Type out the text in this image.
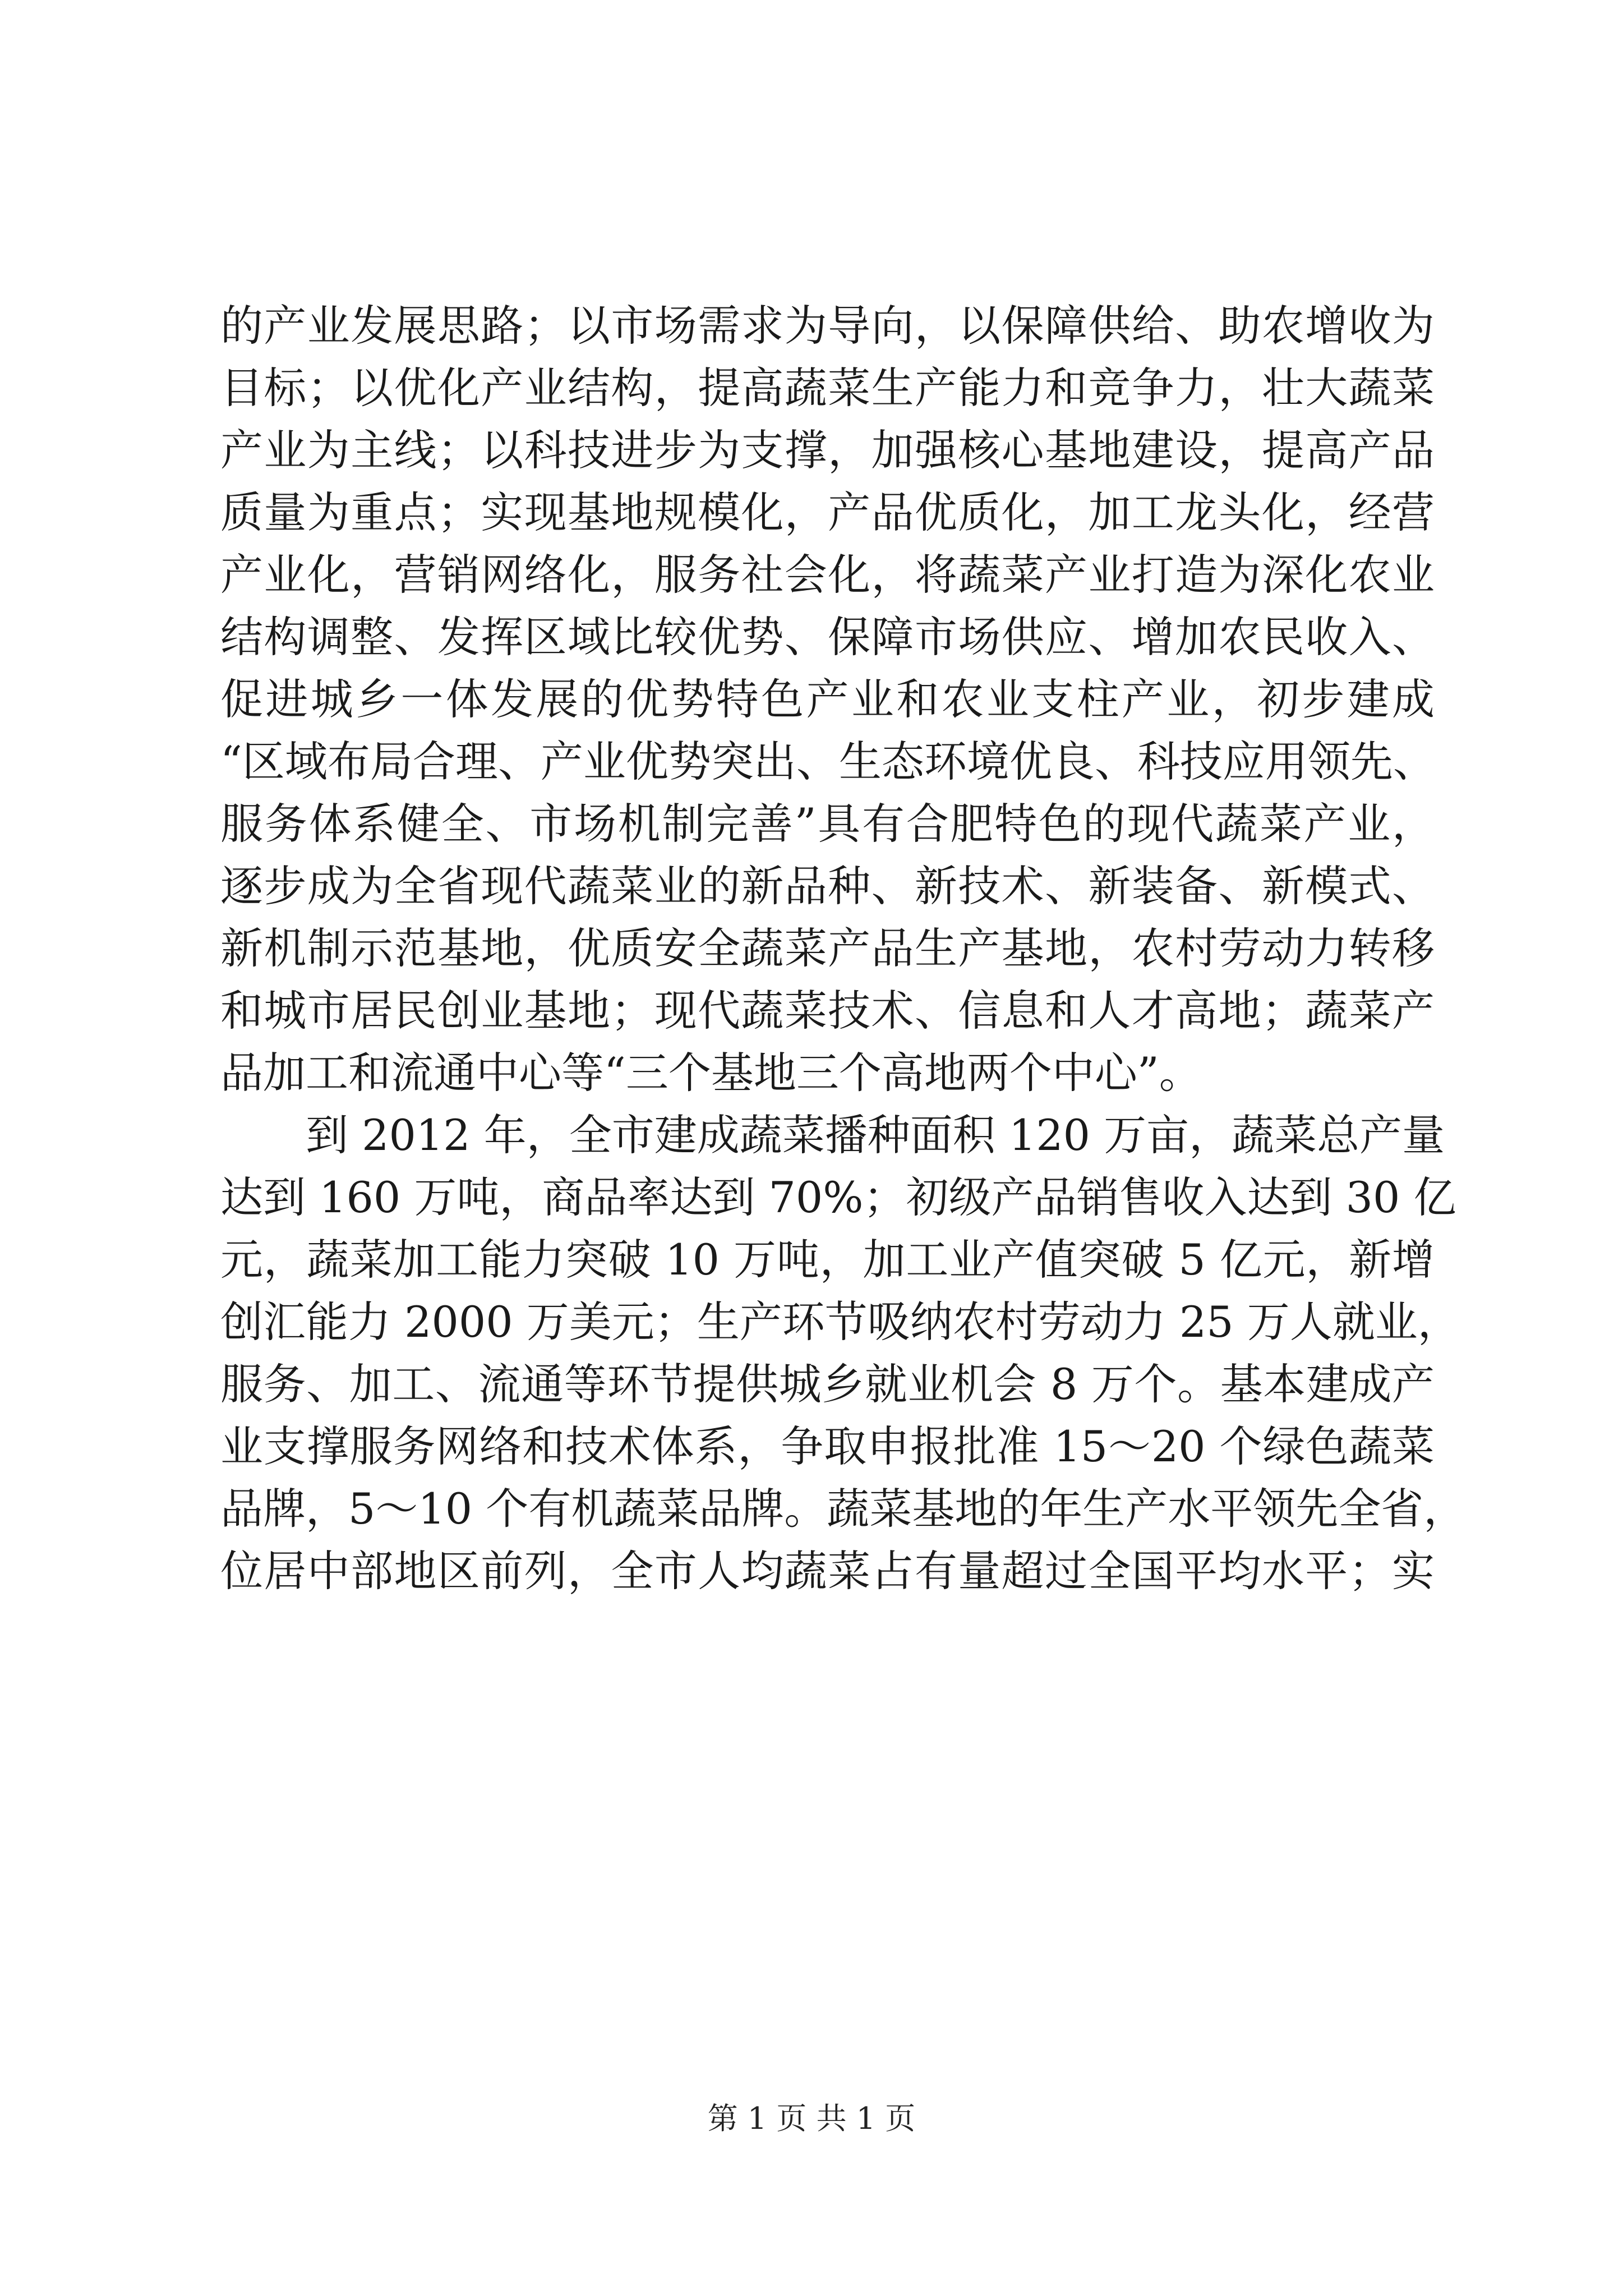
的产业发展思路；以市场需求为导向，以保障供给、助农增收为
目标；以优化产业结构，提高蔬菜生产能力和竞争力，壮大蔬菜
产业为主线；以科技进步为支撑，加强核心基地建设，提高产品
质量为重点；实现基地规模化，产品优质化，加工龙头化，经营
产业化，营销网络化，服务社会化，将蔬菜产业打造为深化农业
结构调整、发挥区域比较优势、保障市场供应、增加农民收入、
促进城乡一体发展的优势特色产业和农业支柱产业，初步建成
“区域布局合理、产业优势突出、生态环境优良、科技应用领先、
服务体系健全、市场机制完善”具有合肥特色的现代蔬菜产业，
逐步成为全省现代蔬菜业的新品种、新技术、新装备、新模式、
新机制示范基地，优质安全蔬菜产品生产基地，农村劳动力转移
和城市居民创业基地；现代蔬菜技术、信息和人才高地；蔬菜产
品加工和流通中心等“三个基地三个高地两个中心”。
到 2012 年，全市建成蔬菜播种面积 120 万亩，蔬菜总产量
达到 160 万吨，商品率达到 70%；初级产品销售收入达到 30 亿
元，蔬菜加工能力突破 10 万吨，加工业产值突破 5 亿元，新增
创汇能力 2000 万美元；生产环节吸纳农村劳动力 25 万人就业，
服务、加工、流通等环节提供城乡就业机会 8 万个。基本建成产
业支撑服务网络和技术体系，争取申报批准 15～20 个绿色蔬菜
品牌，5～10 个有机蔬菜品牌。蔬菜基地的年生产水平领先全省，
位居中部地区前列，全市人均蔬菜占有量超过全国平均水平；实
第 1 页 共 1 页
